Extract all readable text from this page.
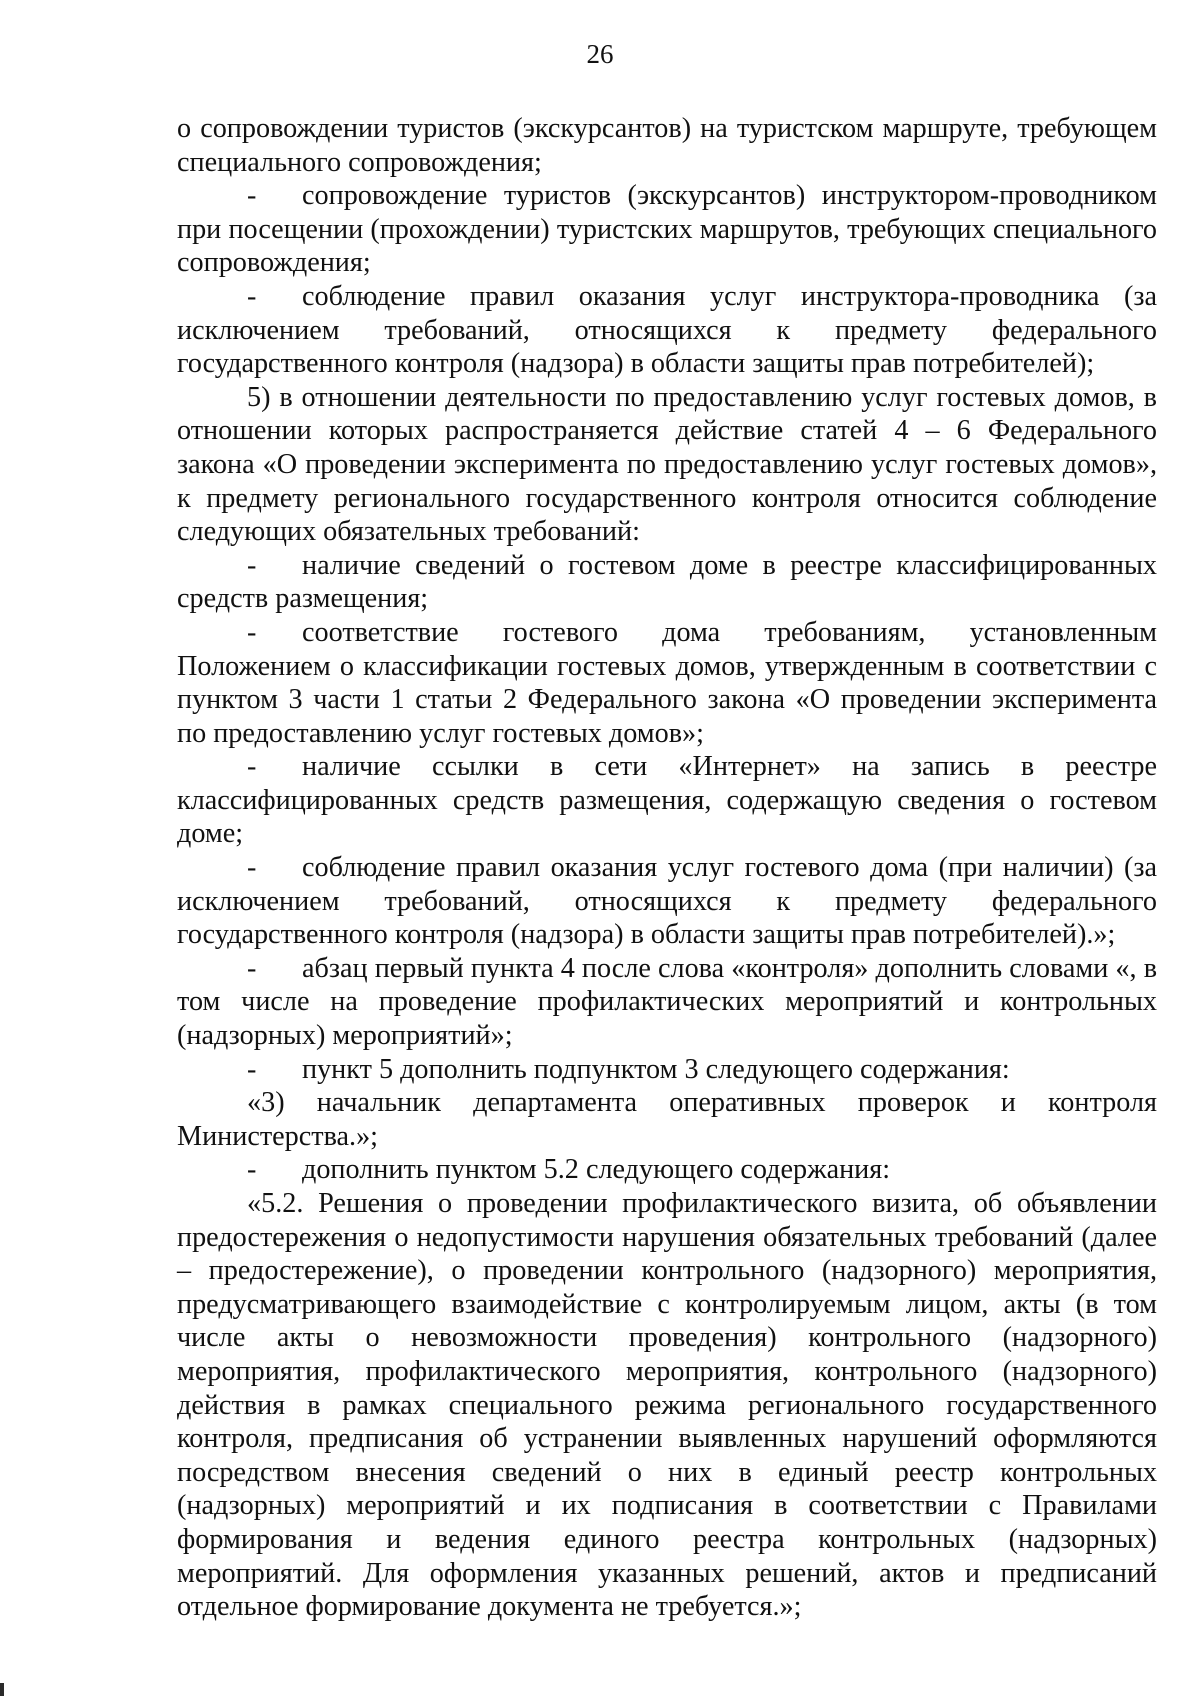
26

о сопровождении туристов (экскурсантов) на туристском маршруте, требующем специального сопровождения;

- сопровождение туристов (экскурсантов) инструктором-проводником при посещении (прохождении) туристских маршрутов, требующих специального сопровождения;

- соблюдение правил оказания услуг инструктора-проводника (за исключением требований, относящихся к предмету федерального государственного контроля (надзора) в области защиты прав потребителей);

5) в отношении деятельности по предоставлению услуг гостевых домов, в отношении которых распространяется действие статей 4 – 6 Федерального закона «О проведении эксперимента по предоставлению услуг гостевых домов», к предмету регионального государственного контроля относится соблюдение следующих обязательных требований:

- наличие сведений о гостевом доме в реестре классифицированных средств размещения;

- соответствие гостевого дома требованиям, установленным Положением о классификации гостевых домов, утвержденным в соответствии с пунктом 3 части 1 статьи 2 Федерального закона «О проведении эксперимента по предоставлению услуг гостевых домов»;

- наличие ссылки в сети «Интернет» на запись в реестре классифицированных средств размещения, содержащую сведения о гостевом доме;

- соблюдение правил оказания услуг гостевого дома (при наличии) (за исключением требований, относящихся к предмету федерального государственного контроля (надзора) в области защиты прав потребителей).»;

- абзац первый пункта 4 после слова «контроля» дополнить словами «, в том числе на проведение профилактических мероприятий и контрольных (надзорных) мероприятий»;

- пункт 5 дополнить подпунктом 3 следующего содержания:

«3) начальник департамента оперативных проверок и контроля Министерства.»;

- дополнить пунктом 5.2 следующего содержания:

«5.2. Решения о проведении профилактического визита, об объявлении предостережения о недопустимости нарушения обязательных требований (далее – предостережение), о проведении контрольного (надзорного) мероприятия, предусматривающего взаимодействие с контролируемым лицом, акты (в том числе акты о невозможности проведения) контрольного (надзорного) мероприятия, профилактического мероприятия, контрольного (надзорного) действия в рамках специального режима регионального государственного контроля, предписания об устранении выявленных нарушений оформляются посредством внесения сведений о них в единый реестр контрольных (надзорных) мероприятий и их подписания в соответствии с Правилами формирования и ведения единого реестра контрольных (надзорных) мероприятий. Для оформления указанных решений, актов и предписаний отдельное формирование документа не требуется.»;
